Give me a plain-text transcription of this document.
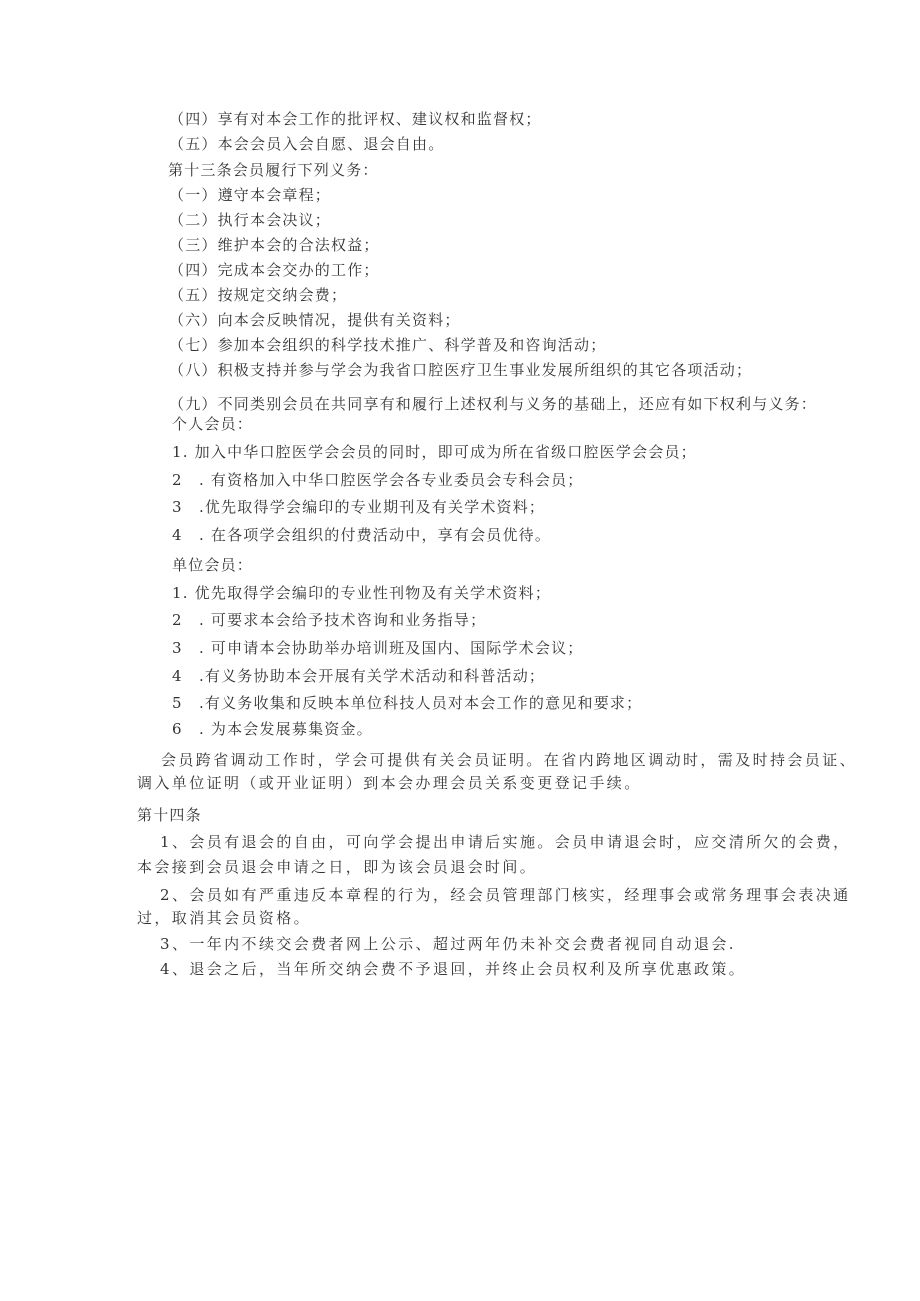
（四）享有对本会工作的批评权、建议权和监督权；
（五）本会会员入会自愿、退会自由。
第十三条会员履行下列义务：
（一）遵守本会章程；
（二）执行本会决议；
（三）维护本会的合法权益；
（四）完成本会交办的工作；
（五）按规定交纳会费；
（六）向本会反映情况，提供有关资料；
（七）参加本会组织的科学技术推广、科学普及和咨询活动；
（八）积极支持并参与学会为我省口腔医疗卫生事业发展所组织的其它各项活动；
（九）不同类别会员在共同享有和履行上述权利与义务的基础上，还应有如下权利与义务：
个人会员：
1. 加入中华口腔医学会会员的同时，即可成为所在省级口腔医学会会员；
2　. 有资格加入中华口腔医学会各专业委员会专科会员；
3　.优先取得学会编印的专业期刊及有关学术资料；
4　. 在各项学会组织的付费活动中，享有会员优待。
单位会员：
1. 优先取得学会编印的专业性刊物及有关学术资料；
2　. 可要求本会给予技术咨询和业务指导；
3　. 可申请本会协助举办培训班及国内、国际学术会议；
4　.有义务协助本会开展有关学术活动和科普活动；
5　.有义务收集和反映本单位科技人员对本会工作的意见和要求；
6　. 为本会发展募集资金。
会员跨省调动工作时，学会可提供有关会员证明。在省内跨地区调动时，需及时持会员证、
调入单位证明（或开业证明）到本会办理会员关系变更登记手续。
第十四条
1、会员有退会的自由，可向学会提出申请后实施。会员申请退会时，应交清所欠的会费，
本会接到会员退会申请之日，即为该会员退会时间。
2、会员如有严重违反本章程的行为，经会员管理部门核实，经理事会或常务理事会表决通
过，取消其会员资格。
3、一年内不续交会费者网上公示、超过两年仍未补交会费者视同自动退会.
4、退会之后，当年所交纳会费不予退回，并终止会员权利及所享优惠政策。
